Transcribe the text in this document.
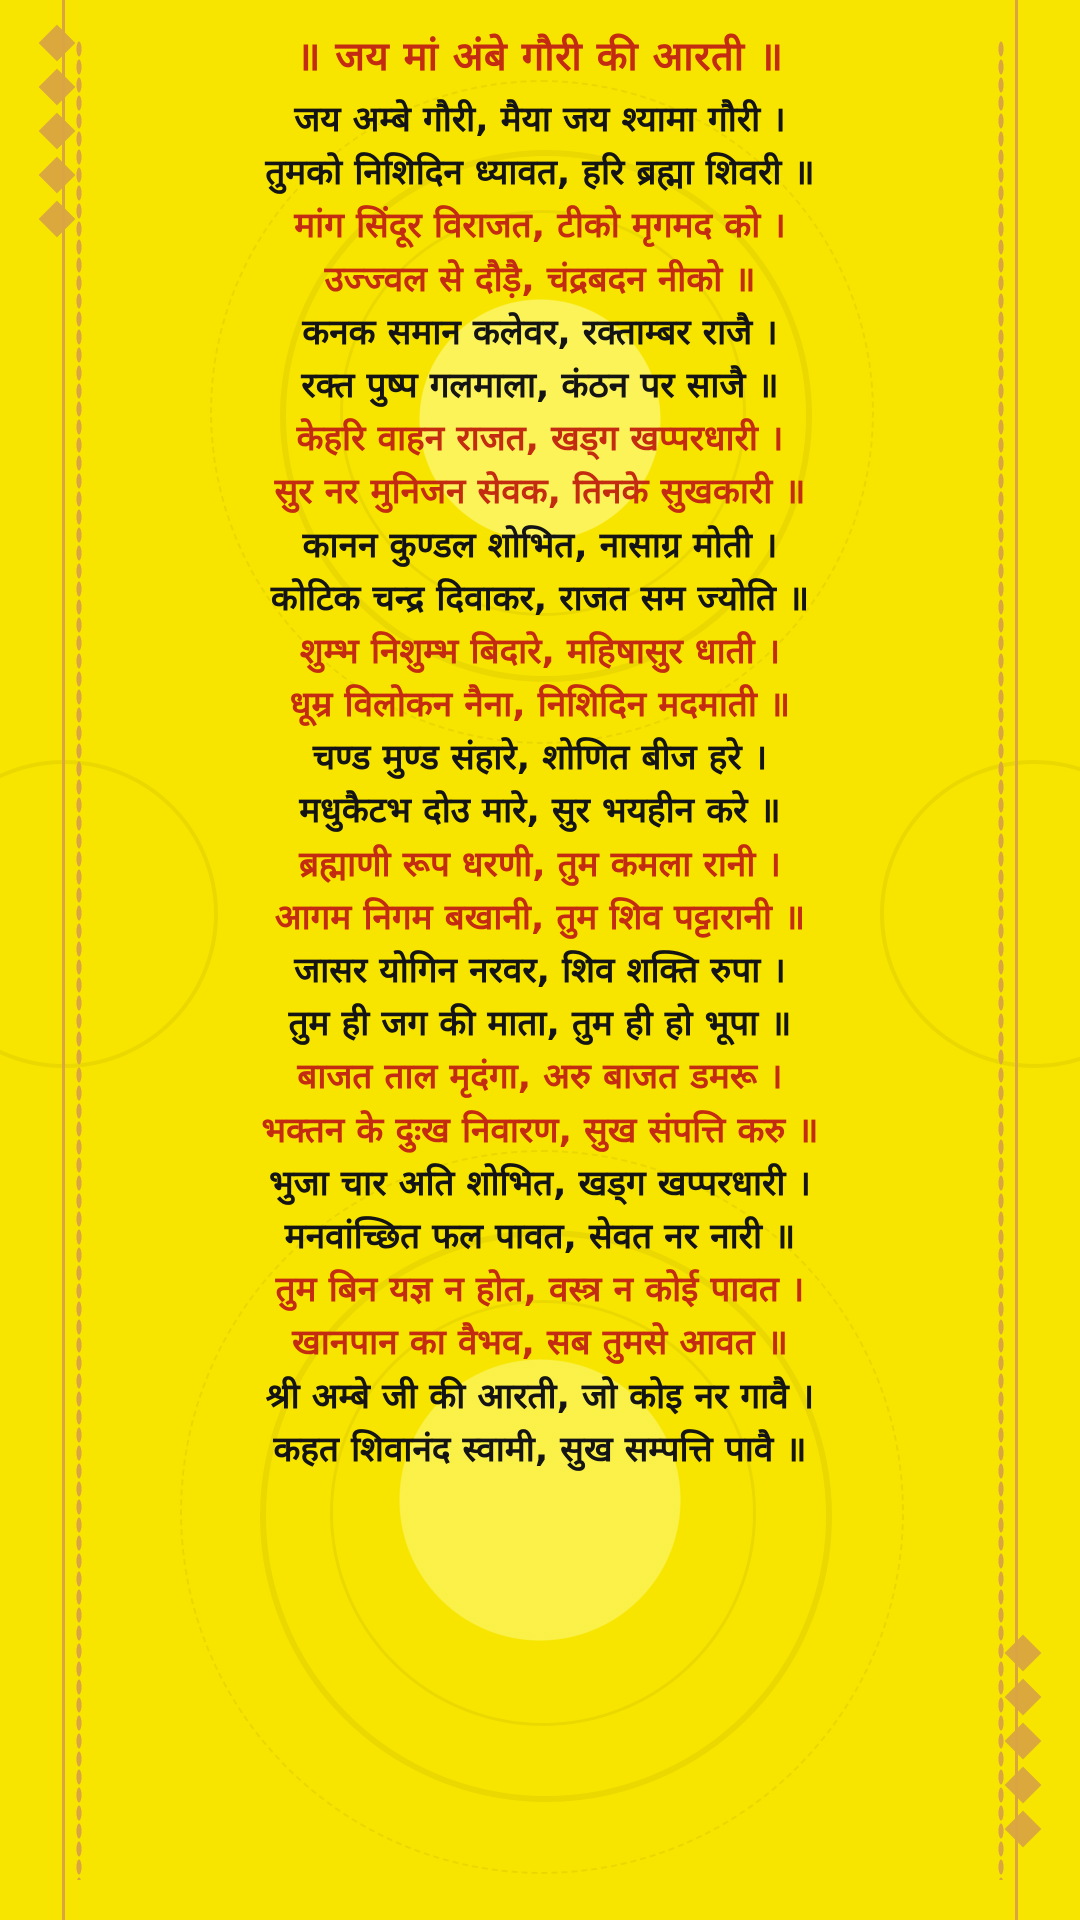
॥ जय मां अंबे गौरी की आरती ॥
जय अम्बे गौरी, मैया जय श्यामा गौरी ।
तुमको निशिदिन ध्यावत, हरि ब्रह्मा शिवरी ॥
मांग सिंदूर विराजत, टीको मृगमद को ।
उज्ज्वल से दौड़ै, चंद्रबदन नीको ॥
कनक समान कलेवर, रक्ताम्बर राजै ।
रक्त पुष्प गलमाला, कंठन पर साजै ॥
केहरि वाहन राजत, खड्ग खप्परधारी ।
सुर नर मुनिजन सेवक, तिनके सुखकारी ॥
कानन कुण्डल शोभित, नासाग्र मोती ।
कोटिक चन्द्र दिवाकर, राजत सम ज्योति ॥
शुम्भ निशुम्भ बिदारे, महिषासुर धाती ।
धूम्र विलोकन नैना, निशिदिन मदमाती ॥
चण्ड मुण्ड संहारे, शोणित बीज हरे ।
मधुकैटभ दोउ मारे, सुर भयहीन करे ॥
ब्रह्माणी रूप धरणी, तुम कमला रानी ।
आगम निगम बखानी, तुम शिव पट्टारानी ॥
जासर योगिन नरवर, शिव शक्ति रुपा ।
तुम ही जग की माता, तुम ही हो भूपा ॥
बाजत ताल मृदंगा, अरु बाजत डमरू ।
भक्तन के दुःख निवारण, सुख संपत्ति करु ॥
भुजा चार अति शोभित, खड्ग खप्परधारी ।
मनवांच्छित फल पावत, सेवत नर नारी ॥
तुम बिन यज्ञ न होत, वस्त्र न कोई पावत ।
खानपान का वैभव, सब तुमसे आवत ॥
श्री अम्बे जी की आरती, जो कोइ नर गावै ।
कहत शिवानंद स्वामी, सुख सम्पत्ति पावै ॥
